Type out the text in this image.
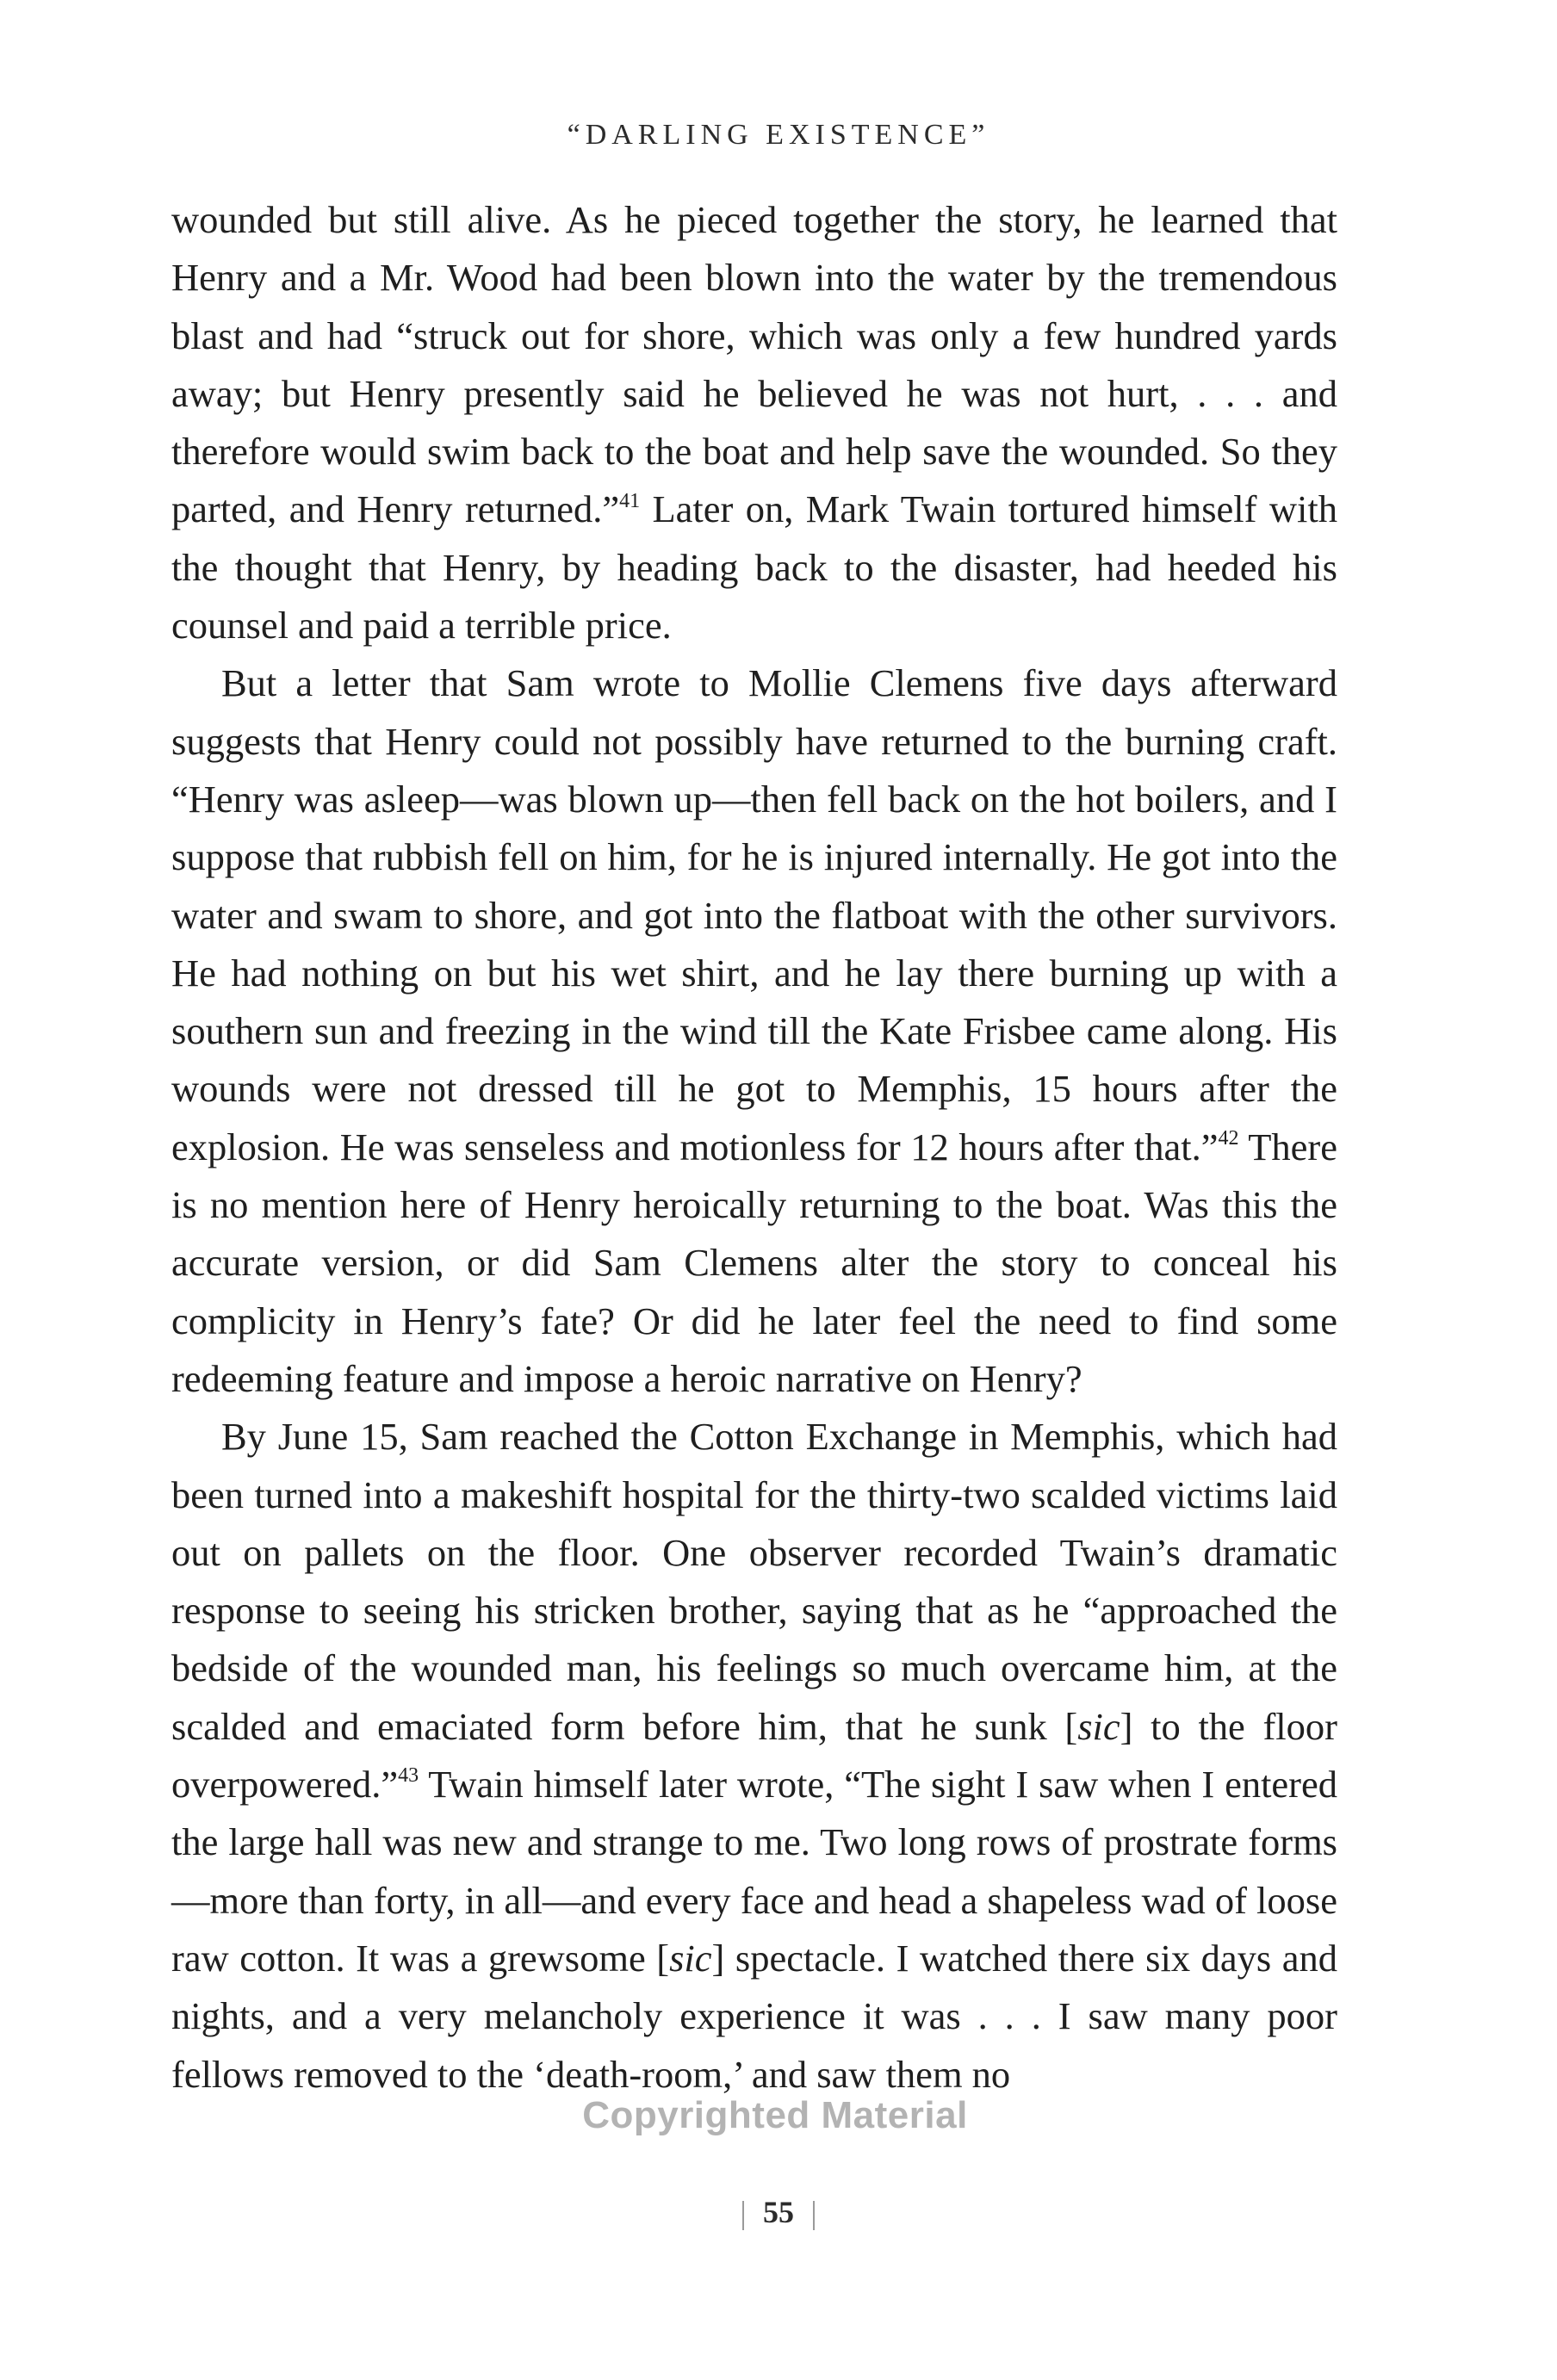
“DARLING EXISTENCE”

wounded but still alive. As he pieced together the story, he learned that Henry and a Mr. Wood had been blown into the water by the tremendous blast and had “struck out for shore, which was only a few hundred yards away; but Henry presently said he believed he was not hurt, . . . and therefore would swim back to the boat and help save the wounded. So they parted, and Henry returned.”$^{41}$ Later on, Mark Twain tortured himself with the thought that Henry, by heading back to the disaster, had heeded his counsel and paid a terrible price.

But a letter that Sam wrote to Mollie Clemens five days afterward suggests that Henry could not possibly have returned to the burning craft. “Henry was asleep—was blown up—then fell back on the hot boilers, and I suppose that rubbish fell on him, for he is injured internally. He got into the water and swam to shore, and got into the flatboat with the other survivors. He had nothing on but his wet shirt, and he lay there burning up with a southern sun and freezing in the wind till the Kate Frisbee came along. His wounds were not dressed till he got to Memphis, 15 hours after the explosion. He was senseless and motionless for 12 hours after that.”$^{42}$ There is no mention here of Henry heroically returning to the boat. Was this the accurate version, or did Sam Clemens alter the story to conceal his complicity in Henry’s fate? Or did he later feel the need to find some redeeming feature and impose a heroic narrative on Henry?

By June 15, Sam reached the Cotton Exchange in Memphis, which had been turned into a makeshift hospital for the thirty-two scalded victims laid out on pallets on the floor. One observer recorded Twain’s dramatic response to seeing his stricken brother, saying that as he “approached the bedside of the wounded man, his feelings so much overcame him, at the scalded and emaciated form before him, that he sunk [sic] to the floor overpowered.”$^{43}$ Twain himself later wrote, “The sight I saw when I entered the large hall was new and strange to me. Two long rows of prostrate forms—more than forty, in all—and every face and head a shapeless wad of loose raw cotton. It was a grewsome [sic] spectacle. I watched there six days and nights, and a very melancholy experience it was . . . I saw many poor fellows removed to the ‘death-room,’ and saw them no

Copyrighted Material
55
